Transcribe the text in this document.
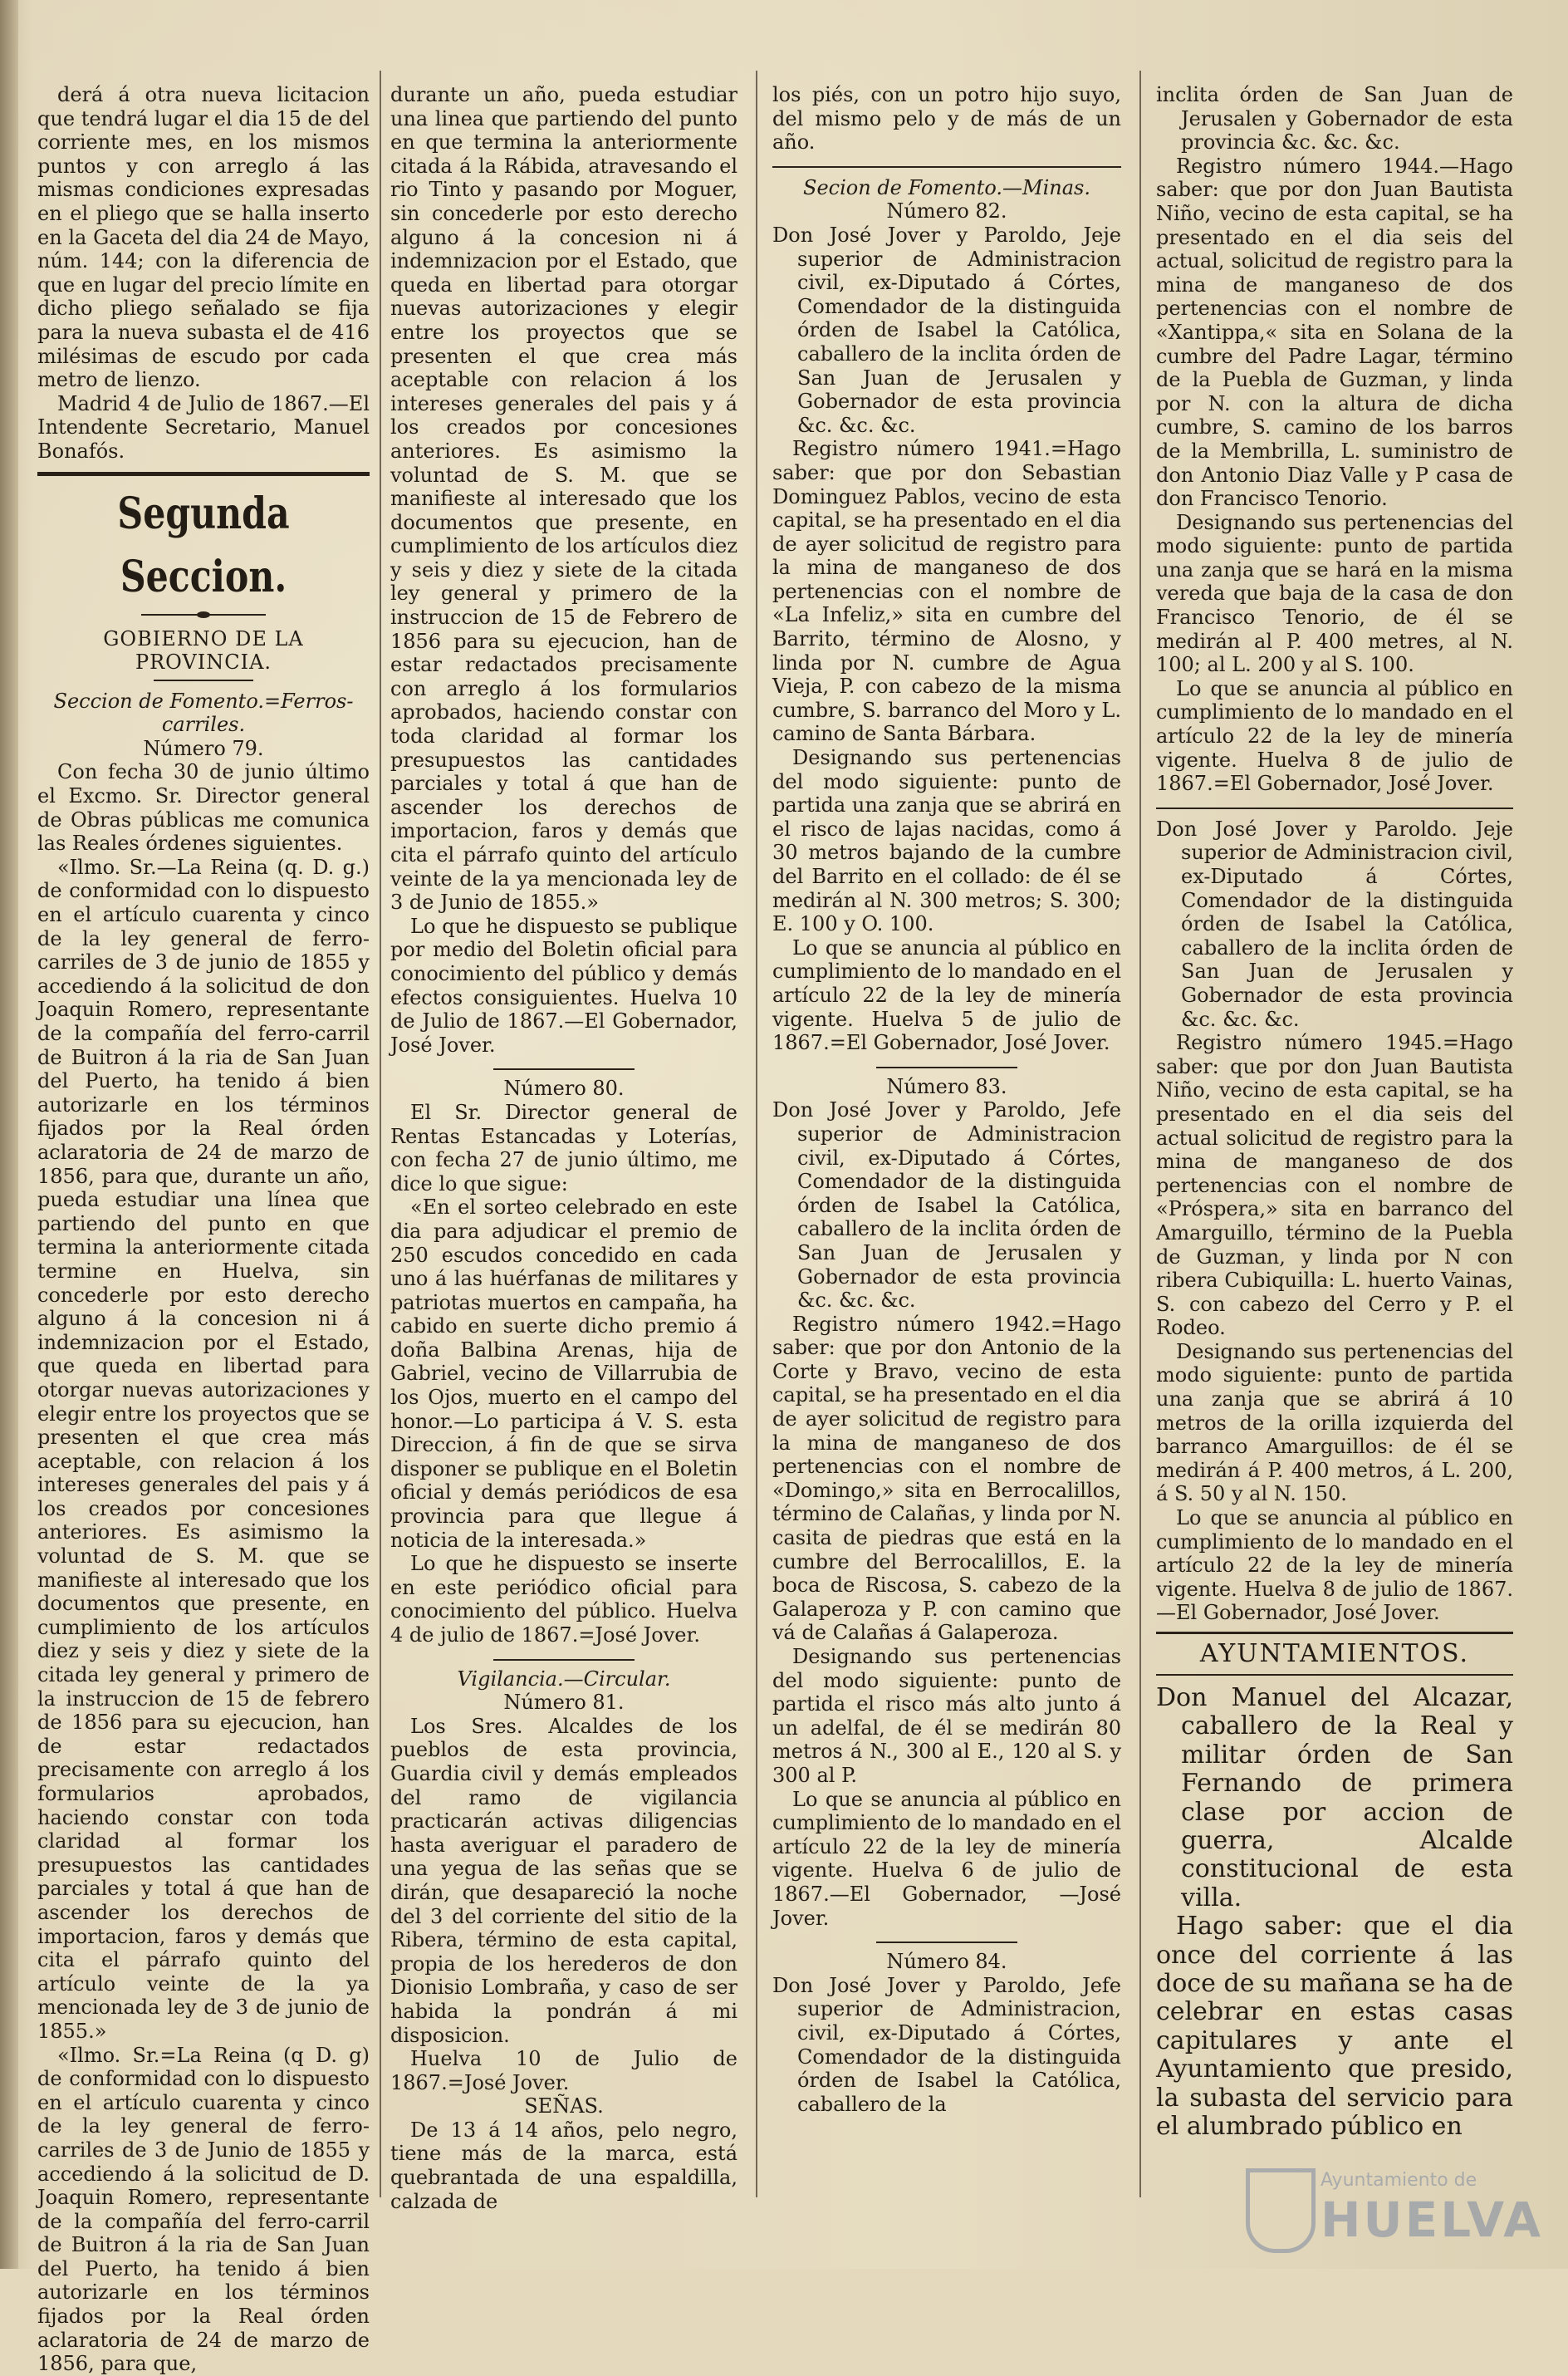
derá á otra nueva licitacion que tendrá lugar el dia 15 de del corriente mes, en los mismos puntos y con arreglo á las mismas condiciones expresadas en el pliego que se halla inserto en la Gaceta del dia 24 de Mayo, núm. 144; con la diferencia de que en lugar del precio límite en dicho pliego señalado se fija para la nueva subasta el de 416 milésimas de escudo por cada metro de lienzo.

Madrid 4 de Julio de 1867.—El Intendente Secretario, Manuel Bonafós.

Segunda Seccion.

GOBIERNO DE LA PROVINCIA.

Seccion de Fomento.=Ferros-carriles.

Número 79.

Con fecha 30 de junio último el Excmo. Sr. Director general de Obras públicas me comunica las Reales órdenes siguientes.

«Ilmo. Sr.—La Reina (q. D. g.) de conformidad con lo dispuesto en el artículo cuarenta y cinco de la ley general de ferro-carriles de 3 de junio de 1855 y accediendo á la solicitud de don Joaquin Romero, representante de la compañía del ferro-carril de Buitron á la ria de San Juan del Puerto, ha tenido á bien autorizarle en los términos fijados por la Real órden aclaratoria de 24 de marzo de 1856, para que, durante un año, pueda estudiar una línea que partiendo del punto en que termina la anteriormente citada termine en Huelva, sin concederle por esto derecho alguno á la concesion ni á indemnizacion por el Estado, que queda en libertad para otorgar nuevas autorizaciones y elegir entre los proyectos que se presenten el que crea más aceptable, con relacion á los intereses generales del pais y á los creados por concesiones anteriores. Es asimismo la voluntad de S. M. que se manifieste al interesado que los documentos que presente, en cumplimiento de los artículos diez y seis y diez y siete de la citada ley general y primero de la instruccion de 15 de febrero de 1856 para su ejecucion, han de estar redactados precisamente con arreglo á los formularios aprobados, haciendo constar con toda claridad al formar los presupuestos las cantidades parciales y total á que han de ascender los derechos de importacion, faros y demás que cita el párrafo quinto del artículo veinte de la ya mencionada ley de 3 de junio de 1855.»

«Ilmo. Sr.=La Reina (q D. g) de conformidad con lo dispuesto en el artículo cuarenta y cinco de la ley general de ferro-carriles de 3 de Junio de 1855 y accediendo á la solicitud de D. Joaquin Romero, representante de la compañía del ferro-carril de Buitron á la ria de San Juan del Puerto, ha tenido á bien autorizarle en los términos fijados por la Real órden aclaratoria de 24 de marzo de 1856, para que,

durante un año, pueda estudiar una linea que partiendo del punto en que termina la anteriormente citada á la Rábida, atravesando el rio Tinto y pasando por Moguer, sin concederle por esto derecho alguno á la concesion ni á indemnizacion por el Estado, que queda en libertad para otorgar nuevas autorizaciones y elegir entre los proyectos que se presenten el que crea más aceptable con relacion á los intereses generales del pais y á los creados por concesiones anteriores. Es asimismo la voluntad de S. M. que se manifieste al interesado que los documentos que presente, en cumplimiento de los artículos diez y seis y diez y siete de la citada ley general y primero de la instruccion de 15 de Febrero de 1856 para su ejecucion, han de estar redactados precisamente con arreglo á los formularios aprobados, haciendo constar con toda claridad al formar los presupuestos las cantidades parciales y total á que han de ascender los derechos de importacion, faros y demás que cita el párrafo quinto del artículo veinte de la ya mencionada ley de 3 de Junio de 1855.»

Lo que he dispuesto se publique por medio del Boletin oficial para conocimiento del público y demás efectos consiguientes. Huelva 10 de Julio de 1867.—El Gobernador, José Jover.

Número 80.

El Sr. Director general de Rentas Estancadas y Loterías, con fecha 27 de junio último, me dice lo que sigue:

«En el sorteo celebrado en este dia para adjudicar el premio de 250 escudos concedido en cada uno á las huérfanas de militares y patriotas muertos en campaña, ha cabido en suerte dicho premio á doña Balbina Arenas, hija de Gabriel, vecino de Villarrubia de los Ojos, muerto en el campo del honor.—Lo participa á V. S. esta Direccion, á fin de que se sirva disponer se publique en el Boletin oficial y demás periódicos de esa provincia para que llegue á noticia de la interesada.»

Lo que he dispuesto se inserte en este periódico oficial para conocimiento del público. Huelva 4 de julio de 1867.=José Jover.

Vigilancia.—Circular.

Número 81.

Los Sres. Alcaldes de los pueblos de esta provincia, Guardia civil y demás empleados del ramo de vigilancia practicarán activas diligencias hasta averiguar el paradero de una yegua de las señas que se dirán, que desapareció la noche del 3 del corriente del sitio de la Ribera, término de esta capital, propia de los herederos de don Dionisio Lombraña, y caso de ser habida la pondrán á mi disposicion.

Huelva 10 de Julio de 1867.=José Jover.

SEÑAS.

De 13 á 14 años, pelo negro, tiene más de la marca, está quebrantada de una espaldilla, calzada de

los piés, con un potro hijo suyo, del mismo pelo y de más de un año.

Secion de Fomento.—Minas.

Número 82.

Don José Jover y Paroldo, Jeje superior de Administracion civil, ex-Diputado á Córtes, Comendador de la distinguida órden de Isabel la Católica, caballero de la inclita órden de San Juan de Jerusalen y Gobernador de esta provincia &c. &c. &c.

Registro número 1941.=Hago saber: que por don Sebastian Dominguez Pablos, vecino de esta capital, se ha presentado en el dia de ayer solicitud de registro para la mina de manganeso de dos pertenencias con el nombre de «La Infeliz,» sita en cumbre del Barrito, término de Alosno, y linda por N. cumbre de Agua Vieja, P. con cabezo de la misma cumbre, S. barranco del Moro y L. camino de Santa Bárbara.

Designando sus pertenencias del modo siguiente: punto de partida una zanja que se abrirá en el risco de lajas nacidas, como á 30 metros bajando de la cumbre del Barrito en el collado: de él se medirán al N. 300 metros; S. 300; E. 100 y O. 100.

Lo que se anuncia al público en cumplimiento de lo mandado en el artículo 22 de la ley de minería vigente. Huelva 5 de julio de 1867.=El Gobernador, José Jover.

Número 83.

Don José Jover y Paroldo, Jefe superior de Administracion civil, ex-Diputado á Córtes, Comendador de la distinguida órden de Isabel la Católica, caballero de la inclita órden de San Juan de Jerusalen y Gobernador de esta provincia &c. &c. &c.

Registro número 1942.=Hago saber: que por don Antonio de la Corte y Bravo, vecino de esta capital, se ha presentado en el dia de ayer solicitud de registro para la mina de manganeso de dos pertenencias con el nombre de «Domingo,» sita en Berrocalillos, término de Calañas, y linda por N. casita de piedras que está en la cumbre del Berrocalillos, E. la boca de Riscosa, S. cabezo de la Galaperoza y P. con camino que vá de Calañas á Galaperoza.

Designando sus pertenencias del modo siguiente: punto de partida el risco más alto junto á un adelfal, de él se medirán 80 metros á N., 300 al E., 120 al S. y 300 al P.

Lo que se anuncia al público en cumplimiento de lo mandado en el artículo 22 de la ley de minería vigente. Huelva 6 de julio de 1867.—El Gobernador, —José Jover.

Número 84.

Don José Jover y Paroldo, Jefe superior de Administracion, civil, ex-Diputado á Córtes, Comendador de la distinguida órden de Isabel la Católica, caballero de la

inclita órden de San Juan de Jerusalen y Gobernador de esta provincia &c. &c. &c.

Registro número 1944.—Hago saber: que por don Juan Bautista Niño, vecino de esta capital, se ha presentado en el dia seis del actual, solicitud de registro para la mina de manganeso de dos pertenencias con el nombre de «Xantippa,« sita en Solana de la cumbre del Padre Lagar, término de la Puebla de Guzman, y linda por N. con la altura de dicha cumbre, S. camino de los barros de la Membrilla, L. suministro de don Antonio Diaz Valle y P casa de don Francisco Tenorio.

Designando sus pertenencias del modo siguiente: punto de partida una zanja que se hará en la misma vereda que baja de la casa de don Francisco Tenorio, de él se medirán al P. 400 metres, al N. 100; al L. 200 y al S. 100.

Lo que se anuncia al público en cumplimiento de lo mandado en el artículo 22 de la ley de minería vigente. Huelva 8 de julio de 1867.=El Gobernador, José Jover.

Don José Jover y Paroldo. Jeje superior de Administracion civil, ex-Diputado á Córtes, Comendador de la distinguida órden de Isabel la Católica, caballero de la inclita órden de San Juan de Jerusalen y Gobernador de esta provincia &c. &c. &c.

Registro número 1945.=Hago saber: que por don Juan Bautista Niño, vecino de esta capital, se ha presentado en el dia seis del actual solicitud de registro para la mina de manganeso de dos pertenencias con el nombre de «Próspera,» sita en barranco del Amarguillo, término de la Puebla de Guzman, y linda por N con ribera Cubiquilla: L. huerto Vainas, S. con cabezo del Cerro y P. el Rodeo.

Designando sus pertenencias del modo siguiente: punto de partida una zanja que se abrirá á 10 metros de la orilla izquierda del barranco Amarguillos: de él se medirán á P. 400 metros, á L. 200, á S. 50 y al N. 150.

Lo que se anuncia al público en cumplimiento de lo mandado en el artículo 22 de la ley de minería vigente. Huelva 8 de julio de 1867.—El Gobernador, José Jover.

AYUNTAMIENTOS.

Don Manuel del Alcazar, caballero de la Real y militar órden de San Fernando de primera clase por accion de guerra, Alcalde constitucional de esta villa.

Hago saber: que el dia once del corriente á las doce de su mañana se ha de celebrar en estas casas capitulares y ante el Ayuntamiento que presido, la subasta del servicio para el alumbrado público en

Ayuntamiento de
HUELVA
